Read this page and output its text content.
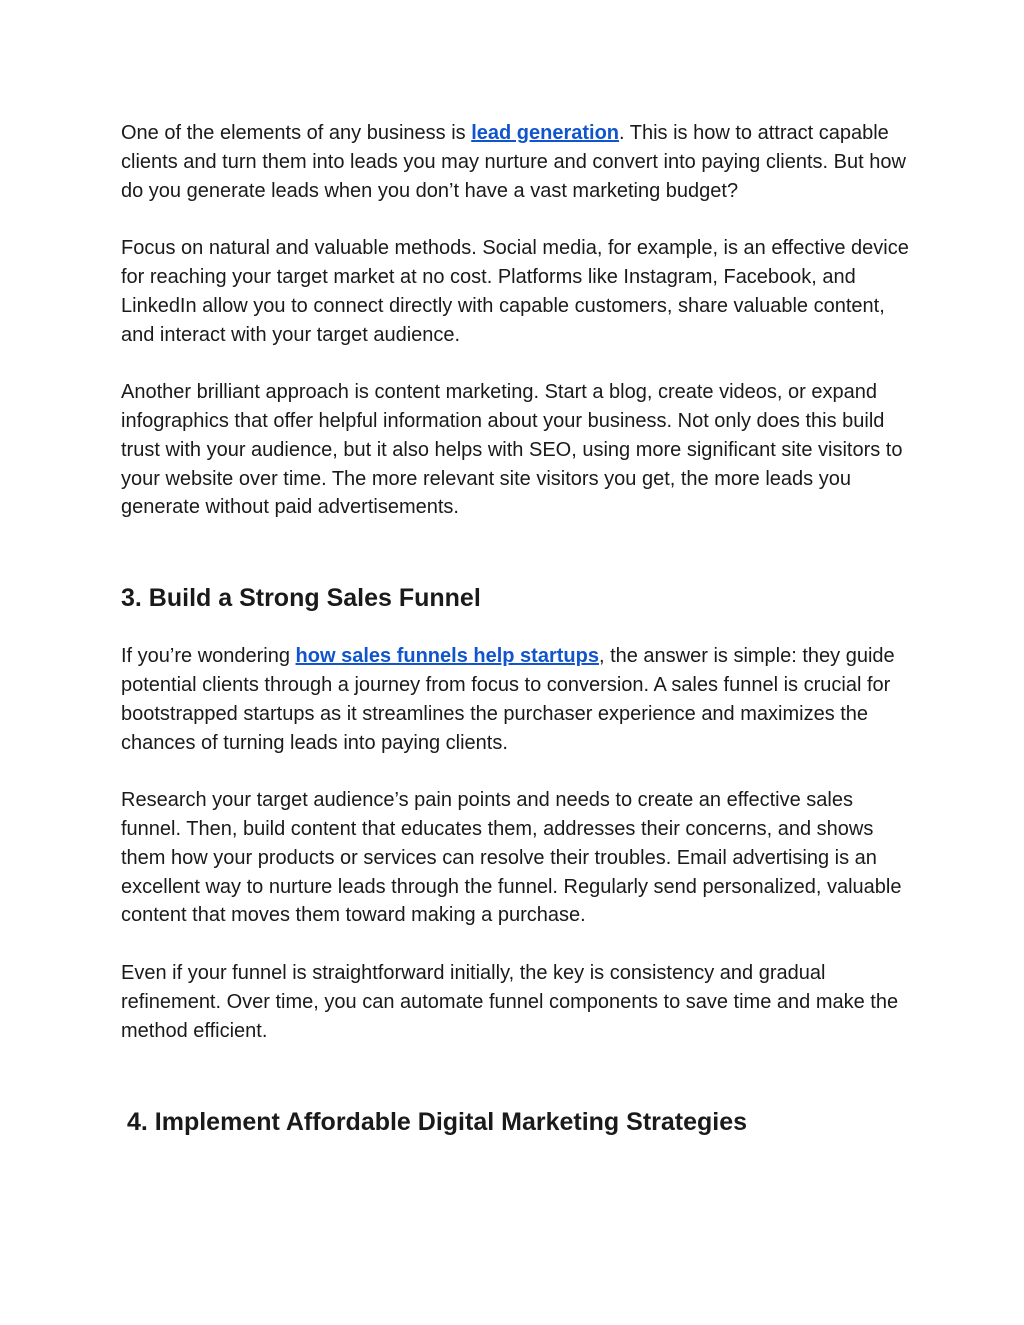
One of the elements of any business is lead generation. This is how to attract capable clients and turn them into leads you may nurture and convert into paying clients. But how do you generate leads when you don’t have a vast marketing budget?

Focus on natural and valuable methods. Social media, for example, is an effective device for reaching your target market at no cost. Platforms like Instagram, Facebook, and LinkedIn allow you to connect directly with capable customers, share valuable content, and interact with your target audience.

Another brilliant approach is content marketing. Start a blog, create videos, or expand infographics that offer helpful information about your business. Not only does this build trust with your audience, but it also helps with SEO, using more significant site visitors to your website over time. The more relevant site visitors you get, the more leads you generate without paid advertisements.

3. Build a Strong Sales Funnel

If you’re wondering how sales funnels help startups, the answer is simple: they guide potential clients through a journey from focus to conversion. A sales funnel is crucial for bootstrapped startups as it streamlines the purchaser experience and maximizes the chances of turning leads into paying clients.

Research your target audience’s pain points and needs to create an effective sales funnel. Then, build content that educates them, addresses their concerns, and shows them how your products or services can resolve their troubles. Email advertising is an excellent way to nurture leads through the funnel. Regularly send personalized, valuable content that moves them toward making a purchase.

Even if your funnel is straightforward initially, the key is consistency and gradual refinement. Over time, you can automate funnel components to save time and make the method efficient.

4. Implement Affordable Digital Marketing Strategies
